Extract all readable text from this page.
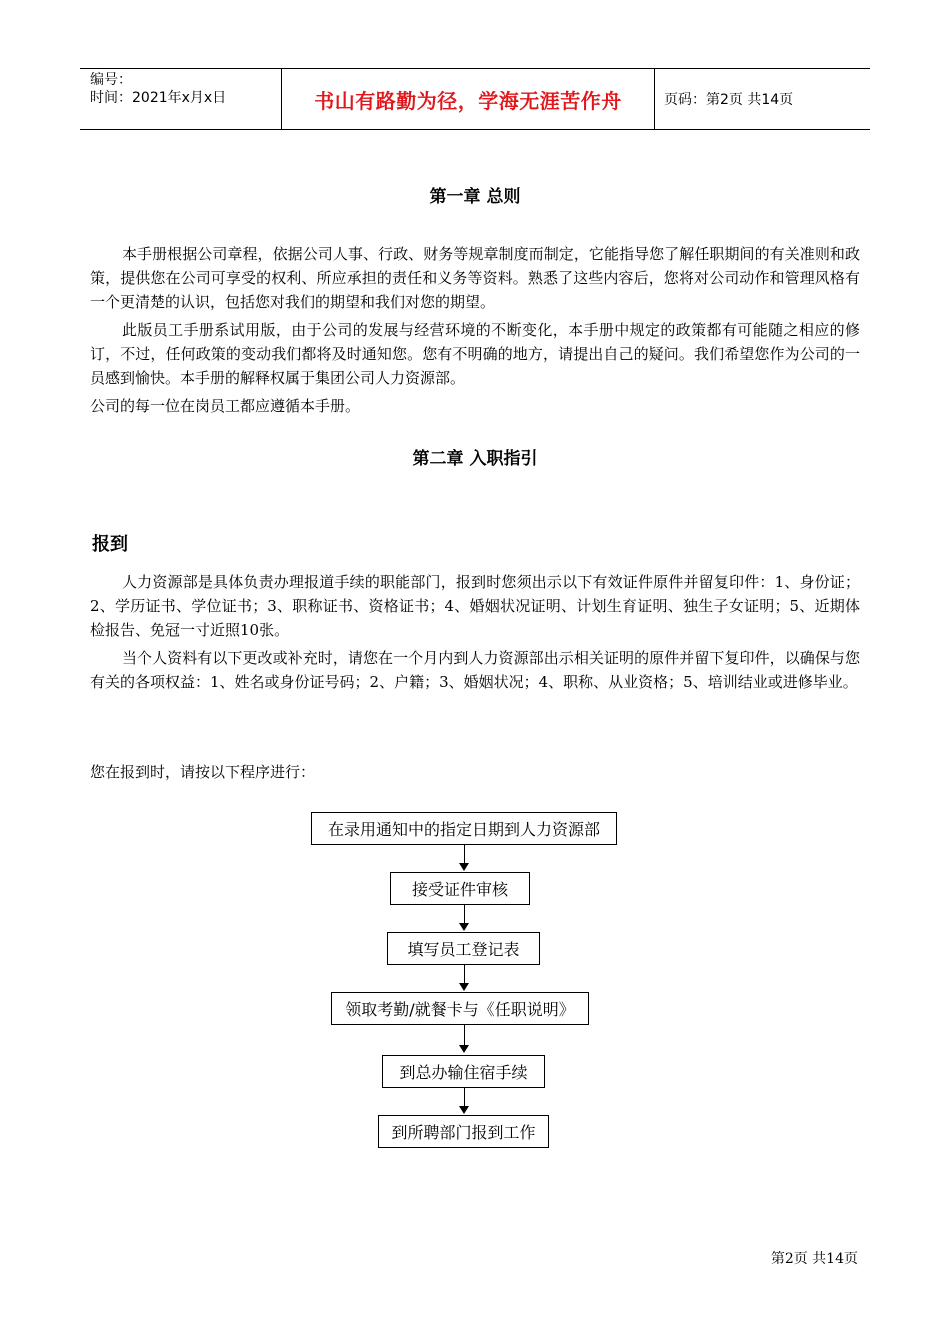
编号：
时间：2021年x月x日	书山有路勤为径，学海无涯苦作舟	页码：第2页 共14页
第一章 总则
本手册根据公司章程，依据公司人事、行政、财务等规章制度而制定，它能指导您了解任职期间的有关准则和政策，提供您在公司可享受的权利、所应承担的责任和义务等资料。熟悉了这些内容后，您将对公司动作和管理风格有一个更清楚的认识，包括您对我们的期望和我们对您的期望。
此版员工手册系试用版，由于公司的发展与经营环境的不断变化，本手册中规定的政策都有可能随之相应的修订，不过，任何政策的变动我们都将及时通知您。您有不明确的地方，请提出自己的疑问。我们希望您作为公司的一员感到愉快。本手册的解释权属于集团公司人力资源部。
公司的每一位在岗员工都应遵循本手册。
第二章 入职指引
报到
人力资源部是具体负责办理报道手续的职能部门，报到时您须出示以下有效证件原件并留复印件：1、身份证；2、学历证书、学位证书；3、职称证书、资格证书；4、婚姻状况证明、计划生育证明、独生子女证明；5、近期体检报告、免冠一寸近照10张。
当个人资料有以下更改或补充时，请您在一个月内到人力资源部出示相关证明的原件并留下复印件，以确保与您有关的各项权益：1、姓名或身份证号码；2、户籍；3、婚姻状况；4、职称、从业资格；5、培训结业或进修毕业。
您在报到时，请按以下程序进行：
在录用通知中的指定日期到人力资源部
接受证件审核
填写员工登记表
领取考勤/就餐卡与《任职说明》
到总办输住宿手续
到所聘部门报到工作
第2页 共14页
